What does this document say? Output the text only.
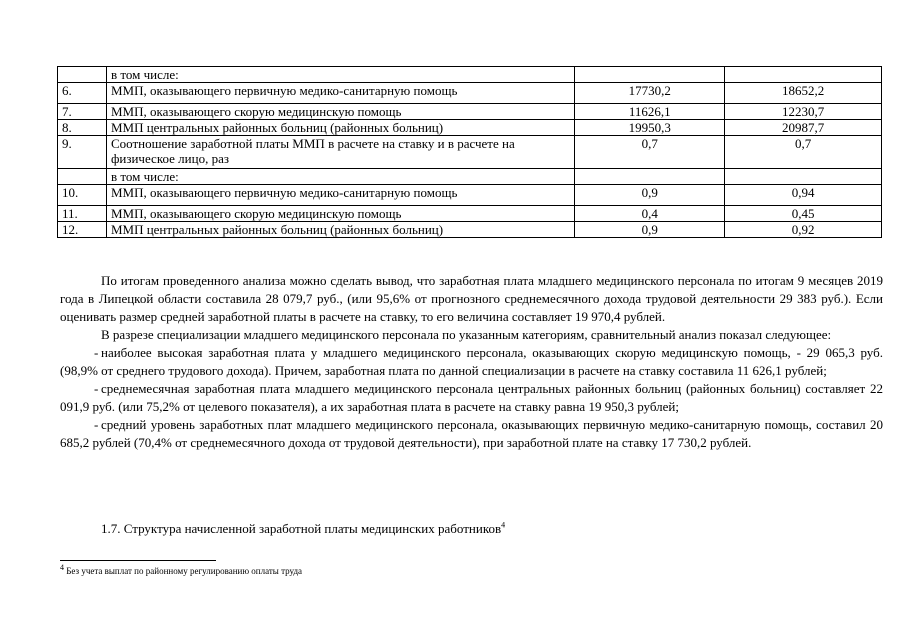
	в том числе:		
6.	ММП, оказывающего первичную медико-санитарную помощь	17730,2	18652,2
7.	ММП, оказывающего скорую медицинскую помощь	11626,1	12230,7
8.	ММП центральных районных больниц (районных больниц)	19950,3	20987,7
9.	Соотношение заработной платы ММП в расчете на ставку и в расчете на физическое лицо, раз	0,7	0,7
	в том числе:		
10.	ММП, оказывающего первичную медико-санитарную помощь	0,9	0,94
11.	ММП, оказывающего скорую медицинскую помощь	0,4	0,45
12.	ММП центральных районных больниц (районных больниц)	0,9	0,92

По итогам проведенного анализа можно сделать вывод, что заработная плата младшего медицинского персонала по итогам 9 месяцев 2019 года в Липецкой области составила 28 079,7 руб., (или 95,6% от прогнозного среднемесячного дохода трудовой деятельности 29 383 руб.). Если оценивать размер средней заработной платы в расчете на ставку, то его величина составляет 19 970,4 рублей.

В разрезе специализации младшего медицинского персонала по указанным категориям, сравнительный анализ показал следующее:

- наиболее высокая заработная плата у младшего медицинского персонала, оказывающих скорую медицинскую помощь, - 29 065,3 руб. (98,9% от среднего трудового дохода). Причем, заработная плата по данной специализации в расчете на ставку составила 11 626,1 рублей;

- среднемесячная заработная плата младшего медицинского персонала центральных районных больниц (районных больниц) составляет 22 091,9 руб. (или 75,2% от целевого показателя), а их заработная плата в расчете на ставку равна 19 950,3 рублей;

- средний уровень заработных плат младшего медицинского персонала, оказывающих первичную медико-санитарную помощь, составил 20 685,2 рублей (70,4% от среднемесячного дохода от трудовой деятельности), при заработной плате на ставку 17 730,2 рублей.

1.7. Структура начисленной заработной платы медицинских работников$^4$
4 Без учета выплат по районному регулированию оплаты труда
